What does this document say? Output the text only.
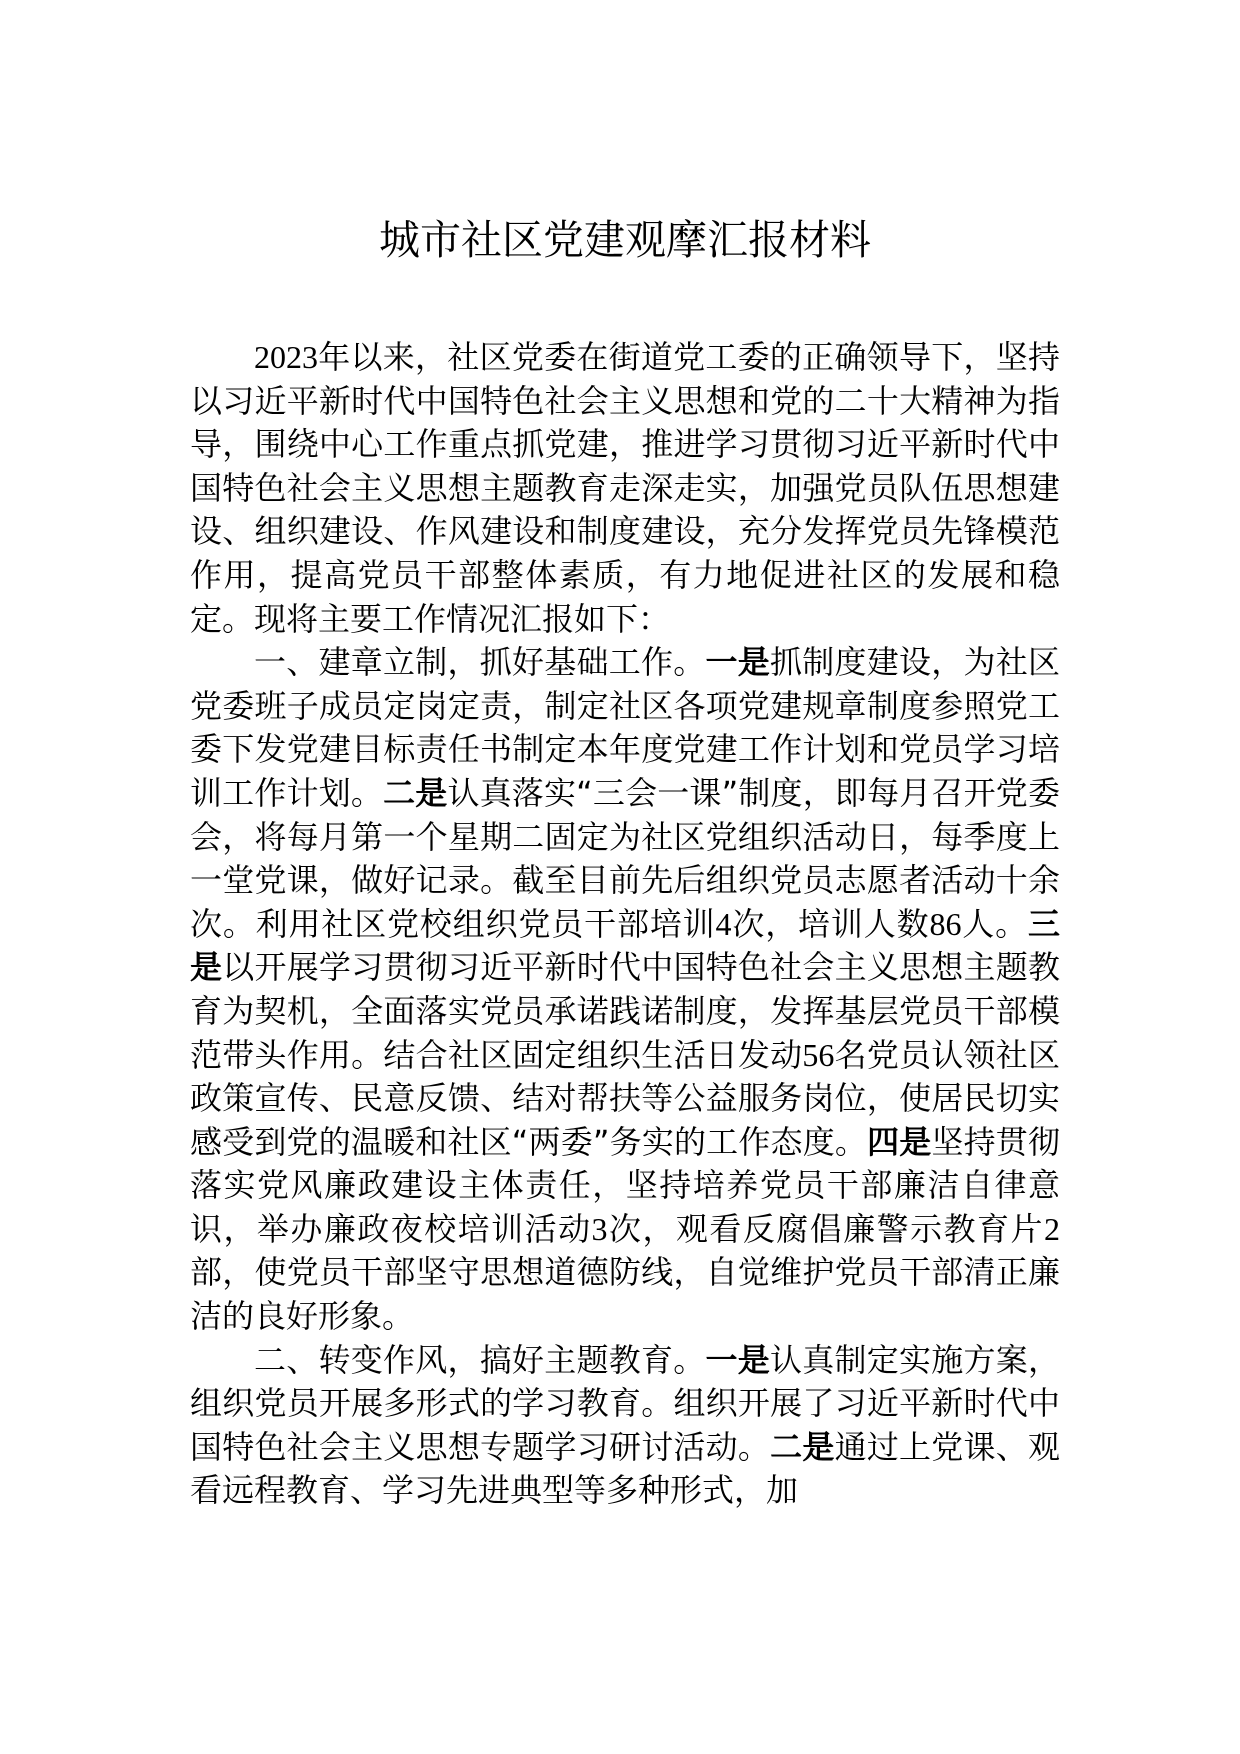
城市社区党建观摩汇报材料

2023年以来，社区党委在街道党工委的正确领导下，坚持以习近平新时代中国特色社会主义思想和党的二十大精神为指导，围绕中心工作重点抓党建，推进学习贯彻习近平新时代中国特色社会主义思想主题教育走深走实，加强党员队伍思想建设、组织建设、作风建设和制度建设，充分发挥党员先锋模范作用，提高党员干部整体素质，有力地促进社区的发展和稳定。现将主要工作情况汇报如下：

一、建章立制，抓好基础工作。一是抓制度建设，为社区党委班子成员定岗定责，制定社区各项党建规章制度参照党工委下发党建目标责任书制定本年度党建工作计划和党员学习培训工作计划。二是认真落实“三会一课”制度，即每月召开党委会，将每月第一个星期二固定为社区党组织活动日，每季度上一堂党课，做好记录。截至目前先后组织党员志愿者活动十余次。利用社区党校组织党员干部培训4次，培训人数86人。三是以开展学习贯彻习近平新时代中国特色社会主义思想主题教育为契机，全面落实党员承诺践诺制度，发挥基层党员干部模范带头作用。结合社区固定组织生活日发动56名党员认领社区政策宣传、民意反馈、结对帮扶等公益服务岗位，使居民切实感受到党的温暖和社区“两委”务实的工作态度。四是坚持贯彻落实党风廉政建设主体责任，坚持培养党员干部廉洁自律意识，举办廉政夜校培训活动3次，观看反腐倡廉警示教育片2部，使党员干部坚守思想道德防线，自觉维护党员干部清正廉洁的良好形象。

二、转变作风，搞好主题教育。一是认真制定实施方案，组织党员开展多形式的学习教育。组织开展了习近平新时代中国特色社会主义思想专题学习研讨活动。二是通过上党课、观看远程教育、学习先进典型等多种形式，加
